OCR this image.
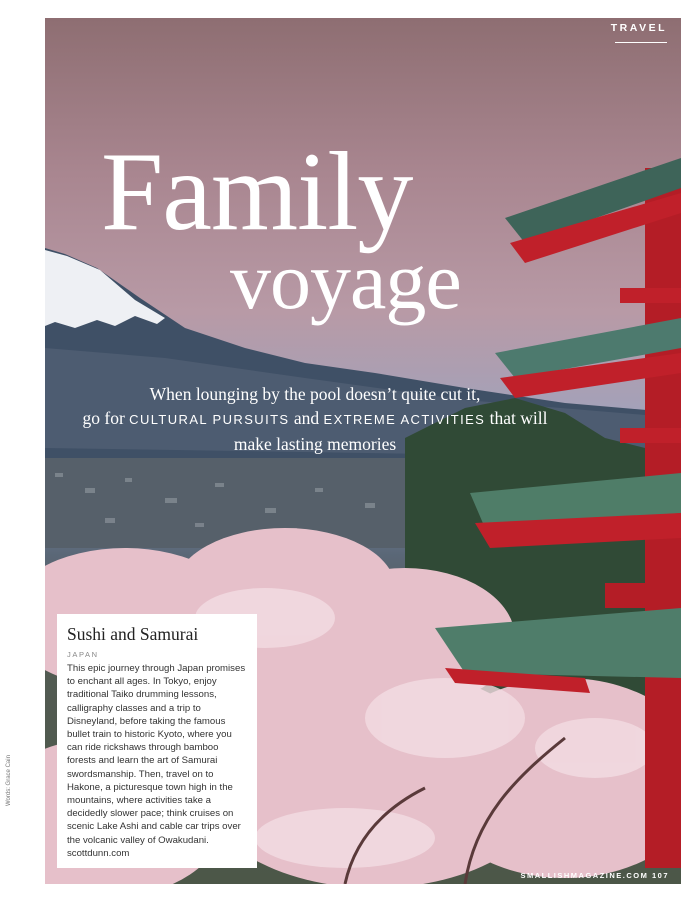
TRAVEL
Family
voyage
When lounging by the pool doesn’t quite cut it,
go for CULTURAL PURSUITS and EXTREME ACTIVITIES that will make lasting memories
Sushi and Samurai
JAPAN

This epic journey through Japan promises to enchant all ages. In Tokyo, enjoy traditional Taiko drumming lessons, calligraphy classes and a trip to Disneyland, before taking the famous bullet train to historic Kyoto, where you can ride rickshaws through bamboo forests and learn the art of Samurai swordsmanship. Then, travel on to Hakone, a picturesque town high in the mountains, where activities take a decidedly slower pace; think cruises on scenic Lake Ashi and cable car trips over the volcanic valley of Owakudani.

scottdunn.com
SMALLISHMAGAZINE.COM 107
Words: Grace Cain
